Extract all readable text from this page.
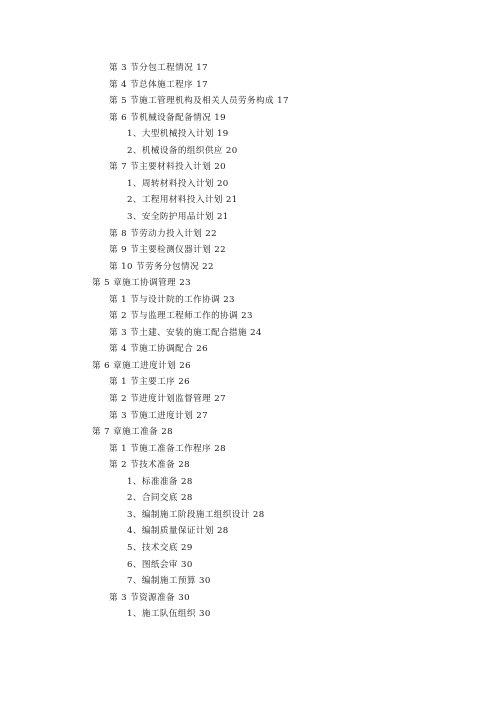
第 3 节分包工程情况 17
第 4 节总体施工程序 17
第 5 节施工管理机构及相关人员劳务构成 17
第 6 节机械设备配备情况 19
1、大型机械投入计划 19
2、机械设备的组织供应 20
第 7 节主要材料投入计划 20
1、周转材料投入计划 20
2、工程用材料投入计划 21
3、安全防护用品计划 21
第 8 节劳动力投入计划 22
第 9 节主要检测仪器计划 22
第 10 节劳务分包情况 22
第 5 章施工协调管理 23
第 1 节与设计院的工作协调 23
第 2 节与监理工程师工作的协调 23
第 3 节土建、安装的施工配合措施 24
第 4 节施工协调配合 26
第 6 章施工进度计划 26
第 1 节主要工序 26
第 2 节进度计划监督管理 27
第 3 节施工进度计划 27
第 7 章施工准备 28
第 1 节施工准备工作程序 28
第 2 节技术准备 28
1、标准准备 28
2、合同交底 28
3、编制施工阶段施工组织设计 28
4、编制质量保证计划 28
5、技术交底 29
6、图纸会审 30
7、编制施工预算 30
第 3 节资源准备 30
1、施工队伍组织 30
